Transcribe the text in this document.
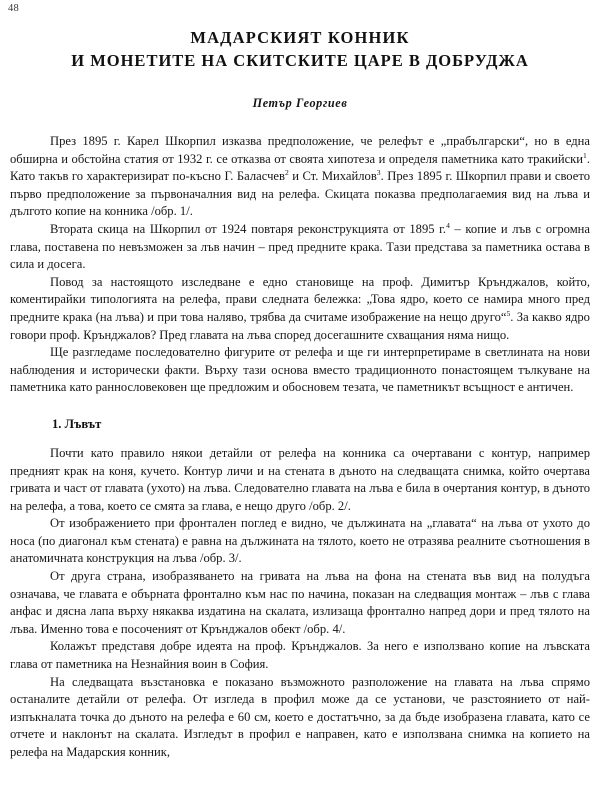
48
МАДАРСКИЯТ КОННИК
И МОНЕТИТЕ НА СКИТСКИТЕ ЦАРЕ В ДОБРУДЖА
Петър Георгиев

През 1895 г. Карел Шкорпил изказва предположение, че релефът е „прабългарски“, но в една обширна и обстойна статия от 1932 г. се отказва от своята хипотеза и определя паметника като тракийски$^1$. Като такъв го характеризират по-късно Г. Баласчев$^2$ и Ст. Михайлов$^3$. През 1895 г. Шкорпил прави и своето първо предположение за първоначалния вид на релефа. Скицата показва предполагаемия вид на лъва и дългото копие на конника /обр. 1/.

Втората скица на Шкорпил от 1924 повтаря реконструкцията от 1895 г.$^4$ – копие и лъв с огромна глава, поставена по невъзможен за лъв начин – пред предните крака. Тази представа за паметника остава в сила и досега.

Повод за настоящото изследване е едно становище на проф. Димитър Крънджалов, който, коментирайки типологията на релефа, прави следната бележка: „Това ядро, което се намира много пред предните крака (на лъва) и при това наляво, трябва да считаме изображение на нещо друго“$^5$. За какво ядро говори проф. Крънджалов? Пред главата на лъва според досегашните схващания няма нищо.

Ще разгледаме последователно фигурите от релефа и ще ги интерпретираме в светлината на нови наблюдения и исторически факти. Върху тази основа вместо традиционното понастоящем тълкуване на паметника като раннословековен ще предложим и обосновем тезата, че паметникът всъщност е античен.

1. Лъвът

Почти като правило някои детайли от релефа на конника са очертавани с контур, например предният крак на коня, кучето. Контур личи и на стената в дъното на следващата снимка, който очертава гривата и част от главата (ухото) на лъва. Следователно главата на лъва е била в очертания контур, в дъното на релефа, а това, което се смята за глава, е нещо друго /обр. 2/.

От изображението при фронтален поглед е видно, че дължината на „главата“ на лъва от ухото до носа (по диагонал към стената) е равна на дължината на тялото, което не отразява реалните съотношения в анатомичната конструкция на лъва /обр. 3/.

От друга страна, изобразяването на гривата на лъва на фона на стената във вид на полудъга означава, че главата е обърната фронтално към нас по начина, показан на следващия монтаж – лъв с глава анфас и дясна лапа върху някаква издатина на скалата, излизаща фронтално напред дори и пред тялото на лъва. Именно това е посоченият от Крънджалов обект /обр. 4/.

Колажът представя добре идеята на проф. Крънджалов. За него е използвано копие на лъвската глава от паметника на Незнайния воин в София.

На следващата възстановка е показано възможното разположение на главата на лъва спрямо останалите детайли от релефа. От изгледа в профил може да се установи, че разстоянието от най-изпъкналата точка до дъното на релефа е 60 см, което е достатъчно, за да бъде изобразена главата, като се отчете и наклонът на скалата. Изгледът в профил е направен, като е използвана снимка на копието на релефа на Мадарския конник,
